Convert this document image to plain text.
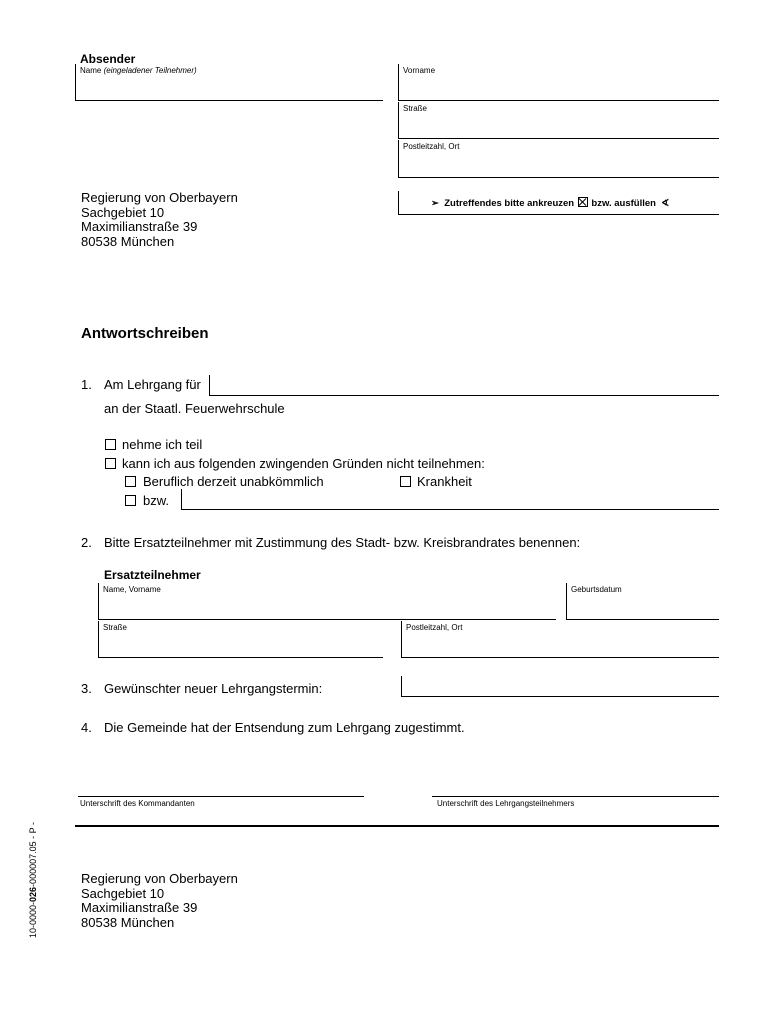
Absender
Name (eingeladener Teilnehmer)	Vorname
Straße
Postleitzahl, Ort
Regierung von Oberbayern
Sachgebiet 10
Maximilianstraße 39
80538 München
➢ Zutreffendes bitte ankreuzen ☒ bzw. ausfüllen ∢
Antwortschreiben
1. Am Lehrgang für
an der Staatl. Feuerwehrschule
nehme ich teil
kann ich aus folgenden zwingenden Gründen nicht teilnehmen:
Beruflich derzeit unabkömmlich	Krankheit
bzw.
2. Bitte Ersatzteilnehmer mit Zustimmung des Stadt- bzw. Kreisbrandrates benennen:
Ersatzteilnehmer
Name, Vorname	Geburtsdatum
Straße	Postleitzahl, Ort
3. Gewünschter neuer Lehrgangstermin:
4. Die Gemeinde hat der Entsendung zum Lehrgang zugestimmt.
Unterschrift des Kommandanten	Unterschrift des Lehrgangsteilnehmers
Regierung von Oberbayern
Sachgebiet 10
Maximilianstraße 39
80538 München
10-0000-026-000007.05 - P -
